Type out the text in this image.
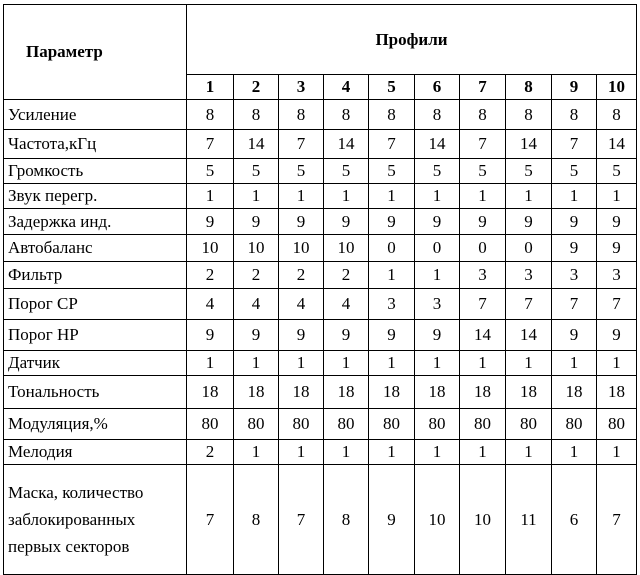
Параметр	Профили									
	1	2	3	4	5	6	7	8	9	10
Усиление	8	8	8	8	8	8	8	8	8	8
Частота,кГц	7	14	7	14	7	14	7	14	7	14
Громкость	5	5	5	5	5	5	5	5	5	5
Звук перегр.	1	1	1	1	1	1	1	1	1	1
Задержка инд.	9	9	9	9	9	9	9	9	9	9
Автобаланс	10	10	10	10	0	0	0	0	9	9
Фильтр	2	2	2	2	1	1	3	3	3	3
Порог СР	4	4	4	4	3	3	7	7	7	7
Порог НР	9	9	9	9	9	9	14	14	9	9
Датчик	1	1	1	1	1	1	1	1	1	1
Тональность	18	18	18	18	18	18	18	18	18	18
Модуляция,%	80	80	80	80	80	80	80	80	80	80
Мелодия	2	1	1	1	1	1	1	1	1	1
Маска, количество заблокированных первых секторов	7	8	7	8	9	10	10	11	6	7
